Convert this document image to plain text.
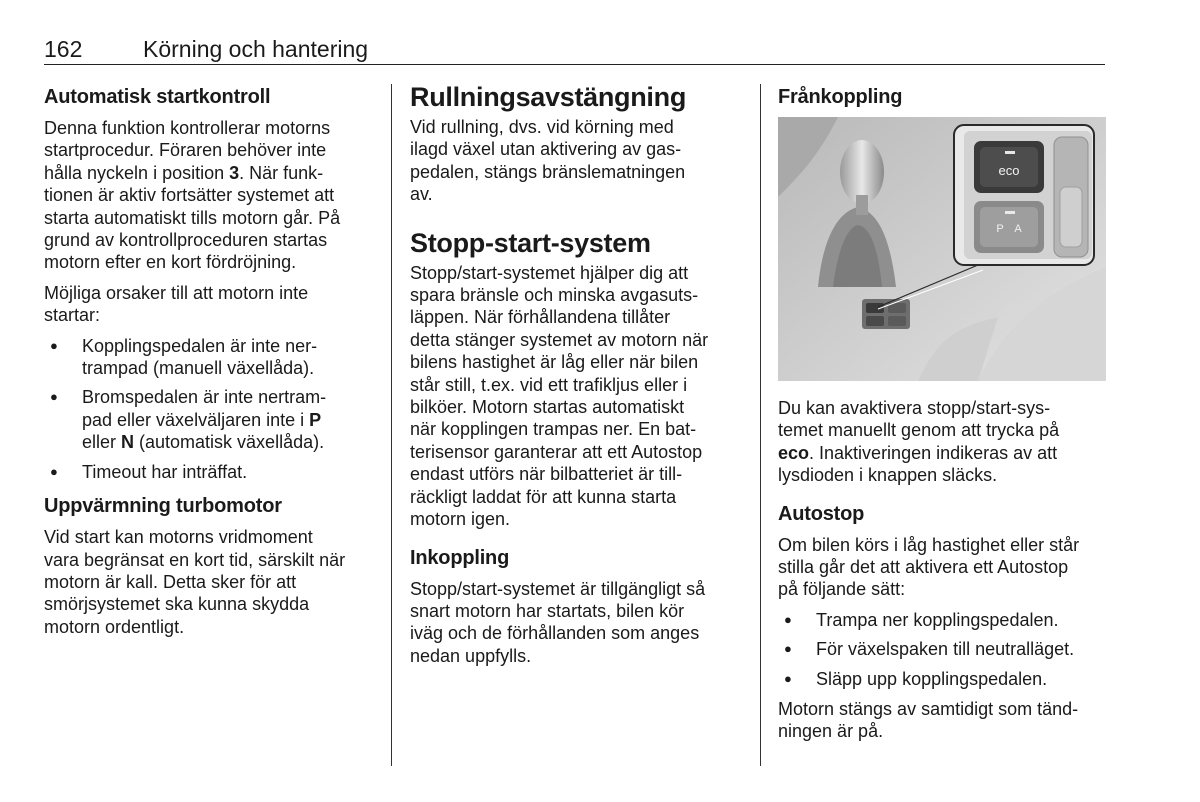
162	Körning och hantering
Automatisk startkontroll

Denna funktion kontrollerar motorns
startprocedur. Föraren behöver inte
hålla nyckeln i position 3. När funk-
tionen är aktiv fortsätter systemet att
starta automatiskt tills motorn går. På
grund av kontrollproceduren startas
motorn efter en kort fördröjning.

Möjliga orsaker till att motorn inte
startar:

● Kopplingspedalen är inte ner-
trampad (manuell växellåda).
● Bromspedalen är inte nertram-
pad eller växelväljaren inte i P
eller N (automatisk växellåda).
● Timeout har inträffat.
Uppvärmning turbomotor

Vid start kan motorns vridmoment
vara begränsat en kort tid, särskilt när
motorn är kall. Detta sker för att
smörjsystemet ska kunna skydda
motorn ordentligt.

Rullningsavstängning

Vid rullning, dvs. vid körning med
ilagd växel utan aktivering av gas-
pedalen, stängs bränslematningen
av.

Stopp-start-system

Stopp/start-systemet hjälper dig att
spara bränsle och minska avgasuts-
läppen. När förhållandena tillåter
detta stänger systemet av motorn när
bilens hastighet är låg eller när bilen
står still, t.ex. vid ett trafikljus eller i
bilköer. Motorn startas automatiskt
när kopplingen trampas ner. En bat-
terisensor garanterar att ett Autostop
endast utförs när bilbatteriet är till-
räckligt laddat för att kunna starta
motorn igen.

Inkoppling

Stopp/start-systemet är tillgängligt så
snart motorn har startats, bilen kör
iväg och de förhållanden som anges
nedan uppfylls.

Frånkoppling
eco
P A

Du kan avaktivera stopp/start-sys-
temet manuellt genom att trycka på
eco. Inaktiveringen indikeras av att
lysdioden i knappen släcks.

Autostop

Om bilen körs i låg hastighet eller står
stilla går det att aktivera ett Autostop
på följande sätt:

● Trampa ner kopplingspedalen.
● För växelspaken till neutralläget.
● Släpp upp kopplingspedalen.

Motorn stängs av samtidigt som tänd-
ningen är på.
